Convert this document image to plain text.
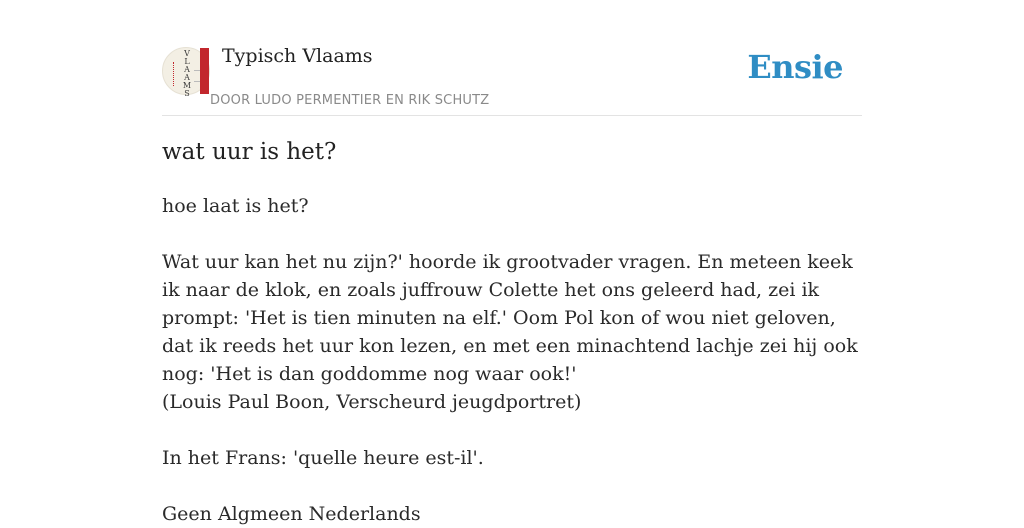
V
L
A
A
M
S
Typisch Vlaams
DOOR LUDO PERMENTIER EN RIK SCHUTZ
Ensie
wat uur is het?

hoe laat is het?

Wat uur kan het nu zijn?' hoorde ik grootvader vragen. En meteen keek ik naar de klok, en zoals juffrouw Colette het ons geleerd had, zei ik prompt: 'Het is tien minuten na elf.' Oom Pol kon of wou niet geloven, dat ik reeds het uur kon lezen, en met een minachtend lachje zei hij ook nog: 'Het is dan goddomme nog waar ook!'

(Louis Paul Boon, Verscheurd jeugdportret)

In het Frans: 'quelle heure est-il'.

Geen Algmeen Nederlands
